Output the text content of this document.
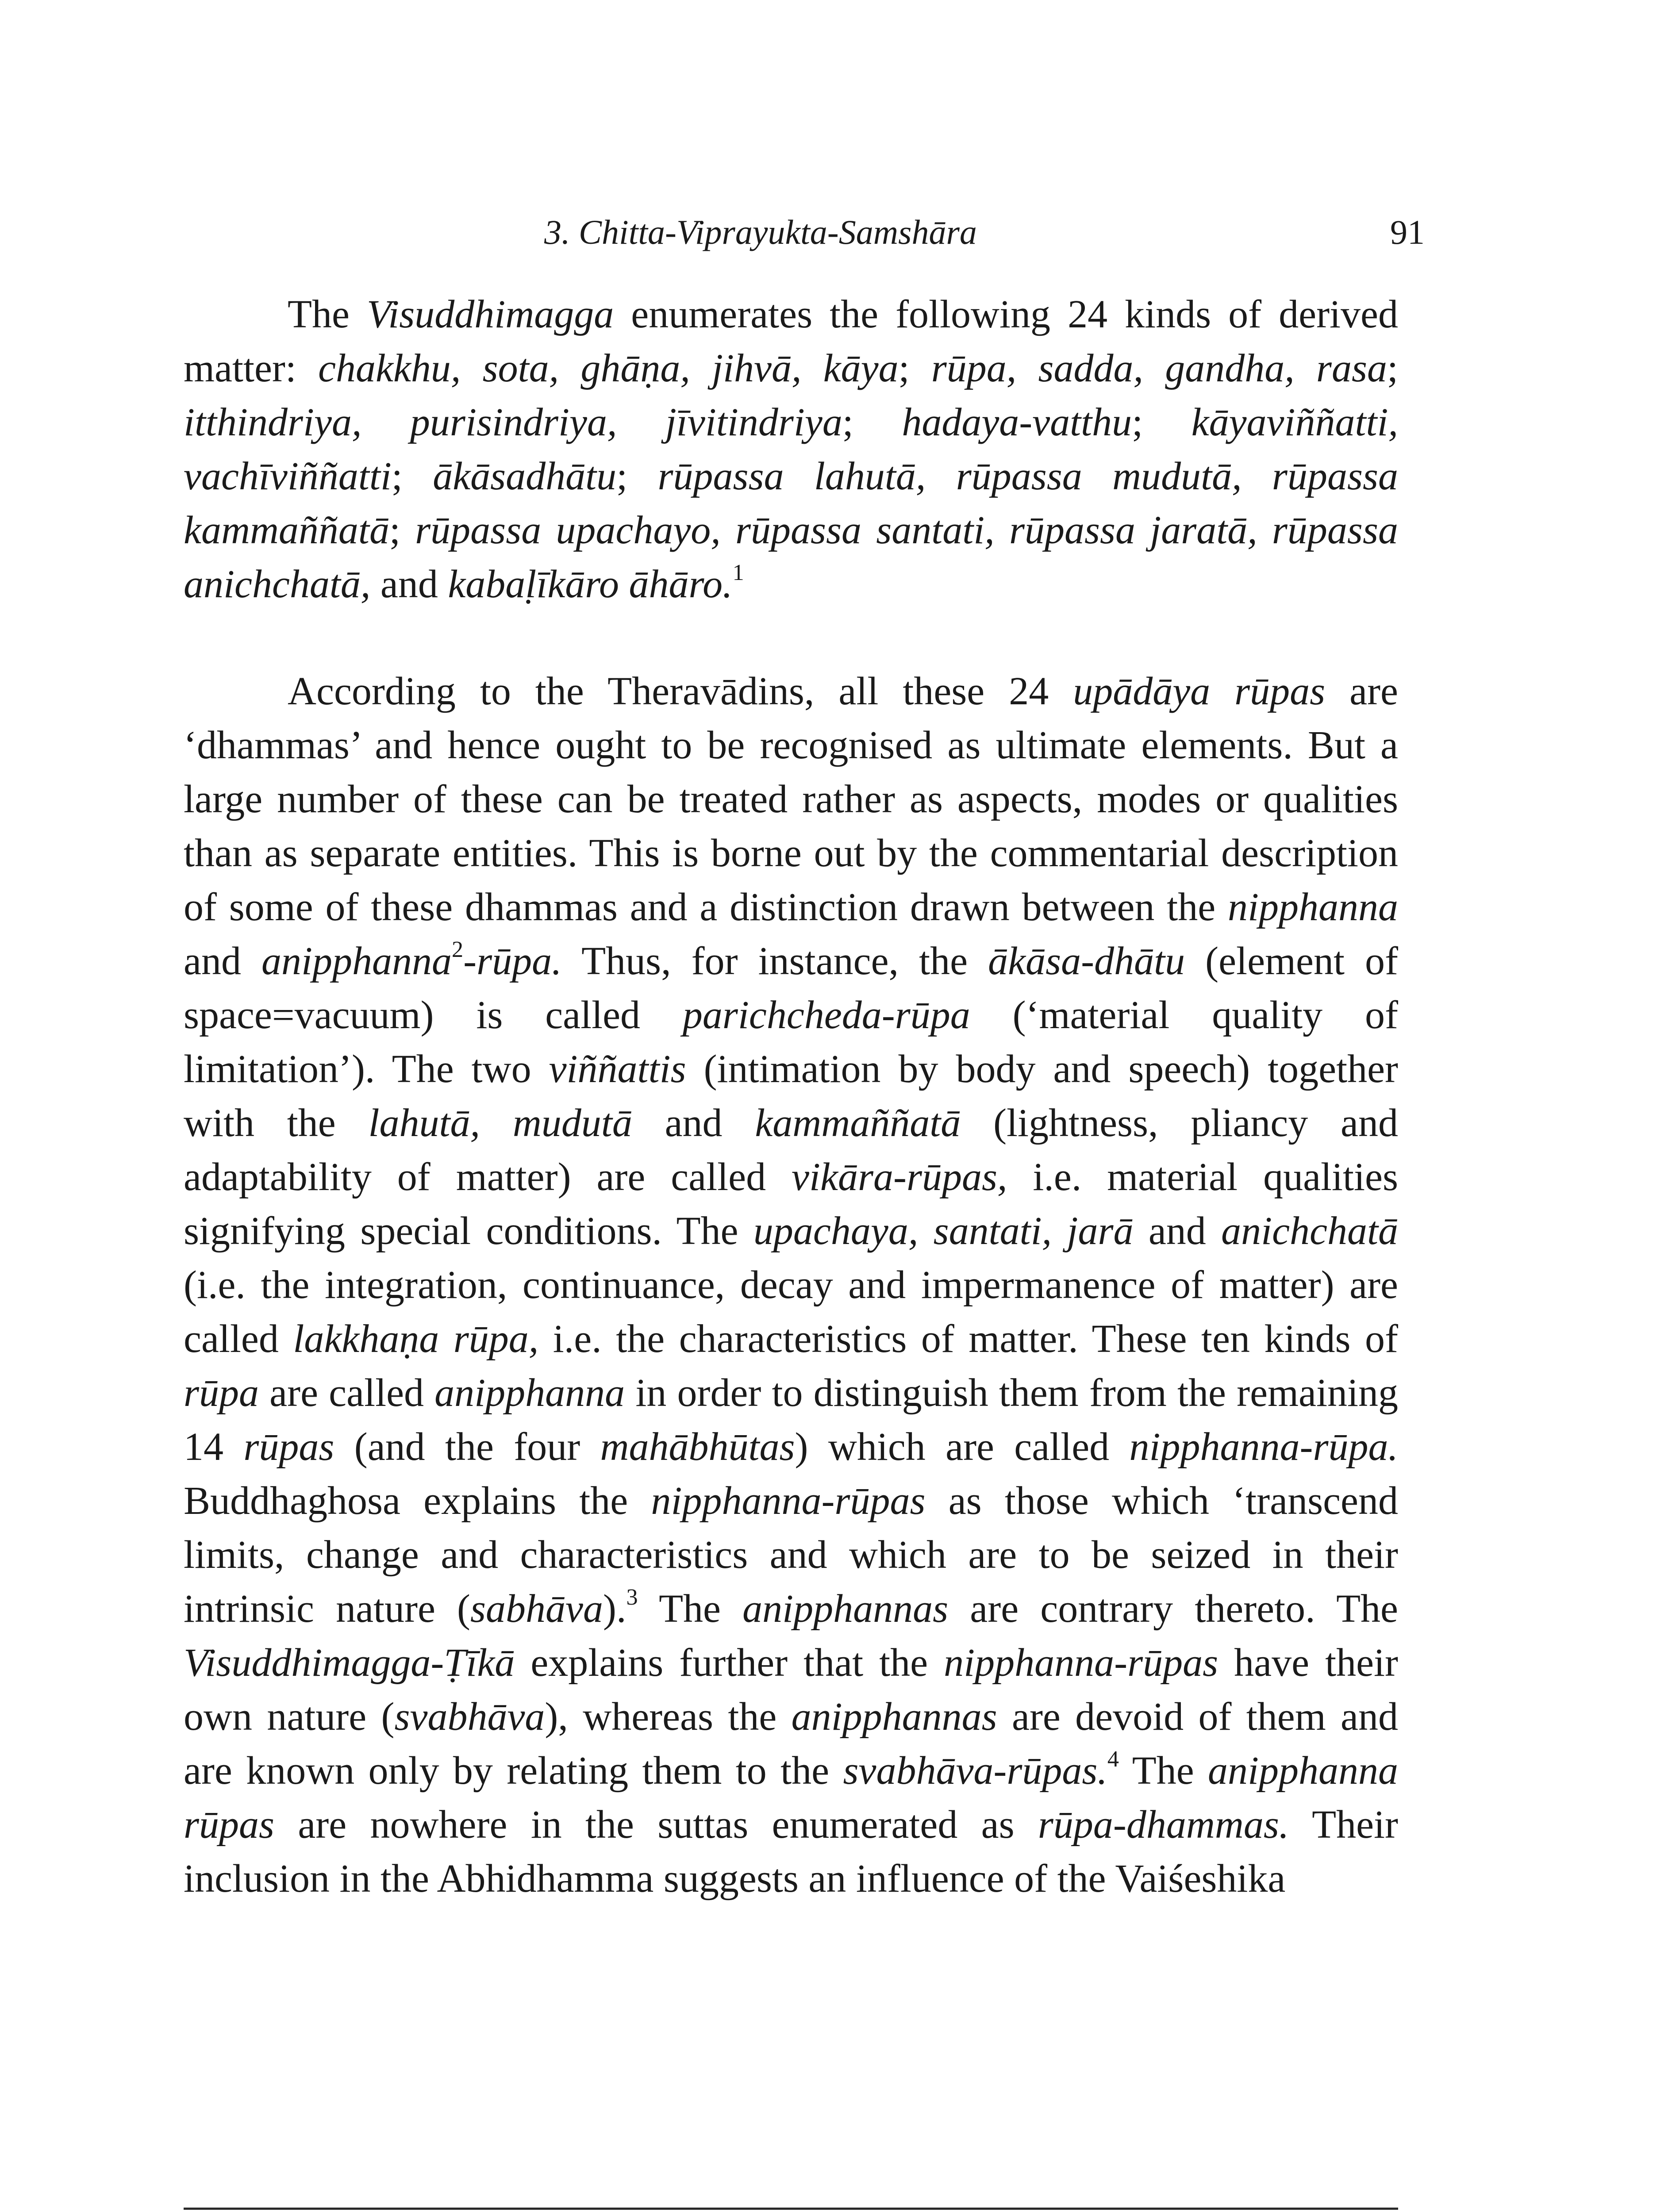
3. Chitta-Viprayukta-Samshāra	91

The Visuddhimagga enumerates the following 24 kinds of derived matter: chakkhu, sota, ghāṇa, jihvā, kāya; rūpa, sadda, gandha, rasa; itthindriya, purisindriya, jīvitindriya; hadaya-vatthu; kāyaviññatti, vachīviññatti; ākāsadhātu; rūpassa lahutā, rūpassa mudutā, rūpassa kammaññatā; rūpassa upachayo, rūpassa santati, rūpassa jaratā, rūpassa anichchatā, and kabaḷīkāro āhāro.$^1$

According to the Theravādins, all these 24 upādāya rūpas are ‘dhammas’ and hence ought to be recognised as ultimate elements. But a large number of these can be treated rather as aspects, modes or qualities than as separate entities. This is borne out by the commentarial description of some of these dhammas and a distinction drawn between the nipphanna and anipphanna$^2$-rūpa. Thus, for instance, the ākāsa-dhātu (element of space=vacuum) is called parichcheda-rūpa (‘material quality of limitation’). The two viññattis (intimation by body and speech) together with the lahutā, mudutā and kammaññatā (lightness, pliancy and adaptability of matter) are called vikāra-rūpas, i.e. material qualities signifying special conditions. The upachaya, santati, jarā and anichchatā (i.e. the integration, continuance, decay and impermanence of matter) are called lakkhaṇa rūpa, i.e. the characteristics of matter. These ten kinds of rūpa are called anipphanna in order to distinguish them from the remaining 14 rūpas (and the four mahābhūtas) which are called nipphanna-rūpa. Buddhaghosa explains the nipphanna-rūpas as those which ‘transcend limits, change and characteristics and which are to be seized in their intrinsic nature (sabhāva).$^3$ The anipphannas are contrary thereto. The Visuddhimagga-Ṭīkā explains further that the nipphanna-rūpas have their own nature (svabhāva), whereas the anipphannas are devoid of them and are known only by relating them to the svabhāva-rūpas.$^4$ The anipphanna rūpas are nowhere in the suttas enumerated as rūpa-dhammas. Their inclusion in the Abhidhamma suggests an influence of the Vaiśeshika
